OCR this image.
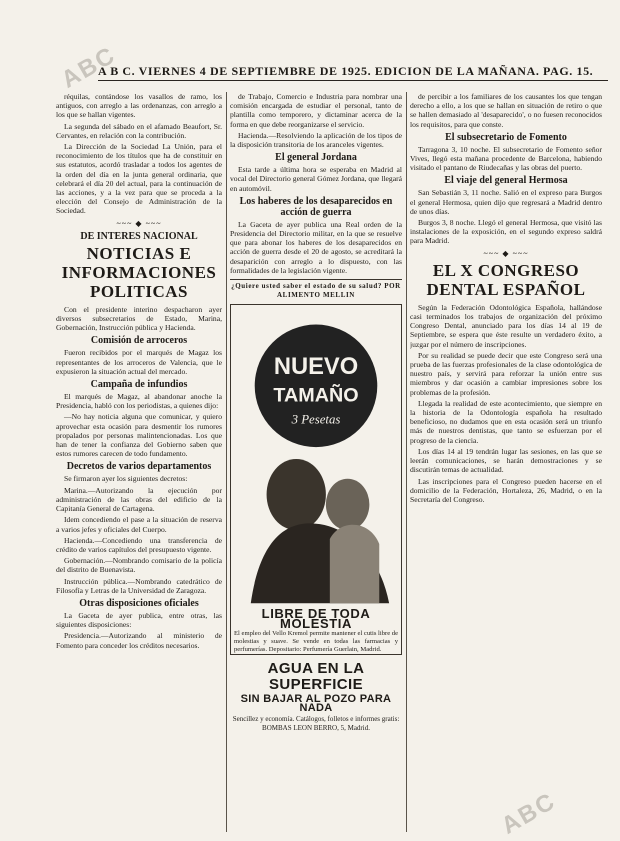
ABC
ABC
A B C. VIERNES 4 DE SEPTIEMBRE DE 1925. EDICION DE LA MAÑANA. PAG. 15.

réquilas, contándose los vasallos de ramo, los antiguos, con arreglo a las ordenanzas, con arreglo a los que se hallan vigentes.

La segunda del sábado en el afamado Beaufort, Sr. Cervantes, en relación con la contribución.

La Dirección de la Sociedad La Unión, para el reconocimiento de los títulos que ha de constituir en sus estatutos, acordó trasladar a todos los agentes de la orden del día en la junta general ordinaria, que celebrará el día 20 del actual, para la continuación de las acciones, y a la vez para que se proceda a la elección del Consejo de Administración de la Sociedad.

~~~ ◆ ~~~
DE INTERES NACIONAL
NOTICIAS E INFORMACIONES POLITICAS

Con el presidente interino despacharon ayer diversos subsecretarios de Estado, Marina, Gobernación, Instrucción pública y Hacienda.

Comisión de arroceros

Fueron recibidos por el marqués de Magaz los representantes de los arroceros de Valencia, que le expusieron la situación actual del mercado.

Campaña de infundios

El marqués de Magaz, al abandonar anoche la Presidencia, habló con los periodistas, a quienes dijo:

—No hay noticia alguna que comunicar, y quiero aprovechar esta ocasión para desmentir los rumores propalados por personas malintencionadas. Los que han de tener la confianza del Gobierno saben que estos rumores carecen de todo fundamento.

Decretos de varios departamentos

Se firmaron ayer los siguientes decretos:

Marina.—Autorizando la ejecución por administración de las obras del edificio de la Capitanía General de Cartagena.

Idem concediendo el pase a la situación de reserva a varios jefes y oficiales del Cuerpo.

Hacienda.—Concediendo una transferencia de crédito de varios capítulos del presupuesto vigente.

Gobernación.—Nombrando comisario de la policía del distrito de Buenavista.

Instrucción pública.—Nombrando catedrático de Filosofía y Letras de la Universidad de Zaragoza.

Otras disposiciones oficiales

La Gaceta de ayer publica, entre otras, las siguientes disposiciones:

Presidencia.—Autorizando al ministerio de Fomento para conceder los créditos necesarios.

de Trabajo, Comercio e Industria para nombrar una comisión encargada de estudiar el personal, tanto de plantilla como temporero, y dictaminar acerca de la forma en que debe reorganizarse el servicio.

Hacienda.—Resolviendo la aplicación de los tipos de la disposición transitoria de los aranceles vigentes.

El general Jordana

Esta tarde a última hora se esperaba en Madrid al vocal del Directorio general Gómez Jordana, que llegará en automóvil.

Los haberes de los desaparecidos en acción de guerra

La Gaceta de ayer publica una Real orden de la Presidencia del Directorio militar, en la que se resuelve que para abonar los haberes de los desaparecidos en acción de guerra desde el 20 de agosto, se acreditará la desaparición con arreglo a lo dispuesto, con las formalidades de la legislación vigente.

¿Quiere usted saber el estado de su salud? POR ALIMENTO MELLIN
NUEVO
TAMAÑO
3 Pesetas
LIBRE DE TODA MOLESTIA
El empleo del Vello Kremol permite mantener el cutis libre de molestias y suave. Se vende en todas las farmacias y perfumerías. Depositario: Perfumería Guerlain, Madrid.
AGUA EN LA SUPERFICIE
SIN BAJAR AL POZO PARA NADA
Sencillez y economía. Catálogos, folletos e informes gratis: BOMBAS LEON BERRO, 5, Madrid.

de percibir a los familiares de los causantes los que tengan derecho a ello, a los que se hallan en situación de retiro o que se hallen demasiado al 'desaparecido', o no fuesen reconocidos los requisitos, para que conste.

El subsecretario de Fomento

Tarragona 3, 10 noche. El subsecretario de Fomento señor Vives, llegó esta mañana procedente de Barcelona, habiendo visitado el pantano de Riudecañas y las obras del puerto.

El viaje del general Hermosa

San Sebastián 3, 11 noche. Salió en el expreso para Burgos el general Hermosa, quien dijo que regresará a Madrid dentro de unos días.

Burgos 3, 8 noche. Llegó el general Hermosa, que visitó las instalaciones de la exposición, en el segundo expreso saldrá para Madrid.

~~~ ◆ ~~~
EL X CONGRESO DENTAL ESPAÑOL

Según la Federación Odontológica Española, hallándose casi terminados los trabajos de organización del próximo Congreso Dental, anunciado para los días 14 al 19 de Septiembre, se espera que éste resulte un verdadero éxito, a juzgar por el número de inscripciones.

Por su realidad se puede decir que este Congreso será una prueba de las fuerzas profesionales de la clase odontológica de nuestro país, y servirá para reforzar la unión entre sus miembros y dar ocasión a cambiar impresiones sobre los problemas de la profesión.

Llegada la realidad de este acontecimiento, que siempre en la historia de la Odontología española ha resultado beneficioso, no dudamos que en esta ocasión será un triunfo más de nuestros dentistas, que tanto se esfuerzan por el progreso de la ciencia.

Los días 14 al 19 tendrán lugar las sesiones, en las que se leerán comunicaciones, se harán demostraciones y se discutirán temas de actualidad.

Las inscripciones para el Congreso pueden hacerse en el domicilio de la Federación, Hortaleza, 26, Madrid, o en la Secretaría del Congreso.
